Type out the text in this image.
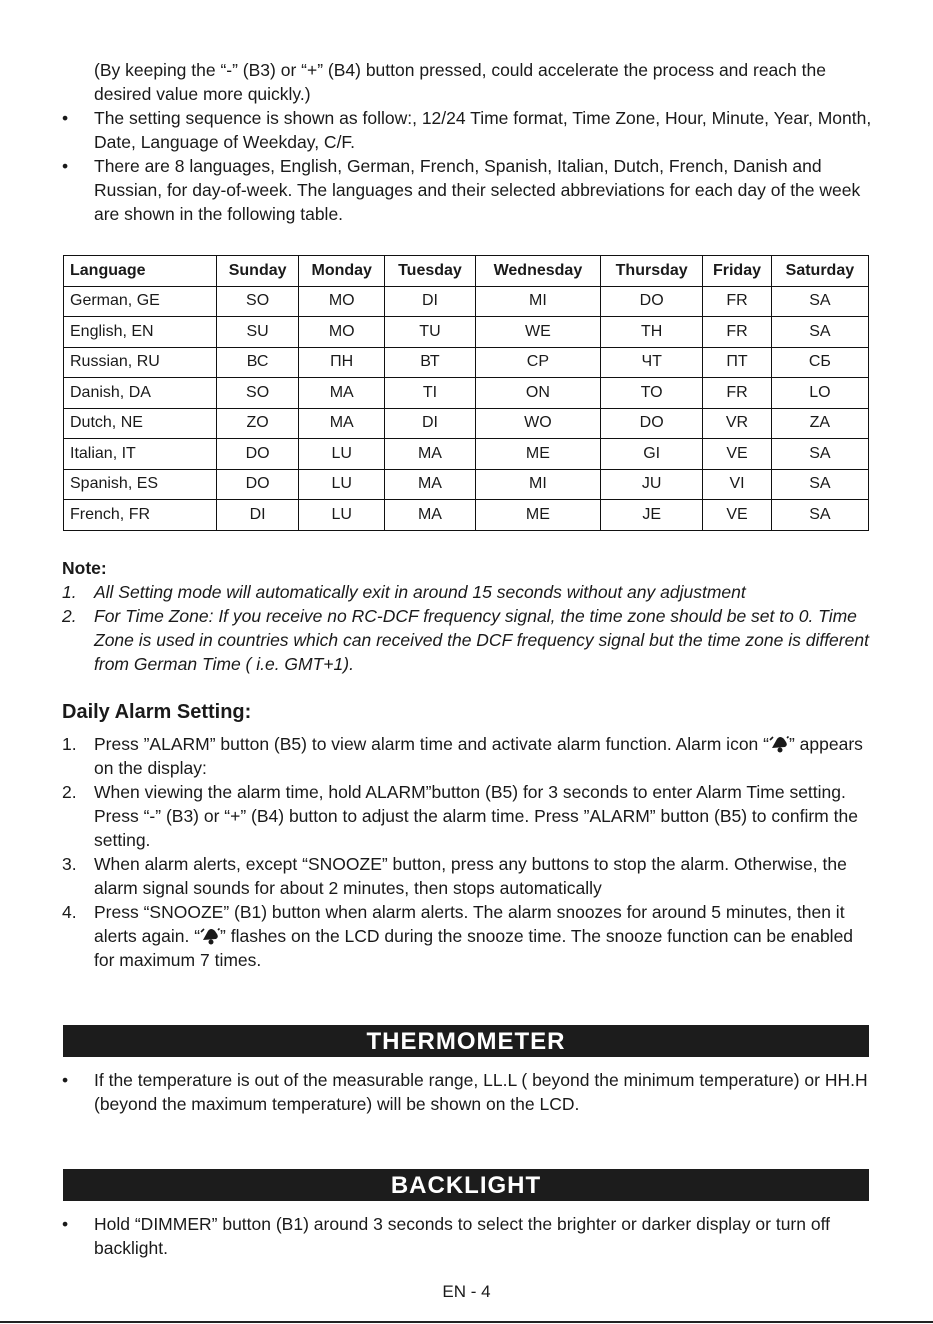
(By keeping the “-” (B3) or “+” (B4) button pressed, could accelerate the process and reach the desired value more quickly.)
•	The setting sequence is shown as follow:, 12/24 Time format, Time Zone, Hour, Minute, Year, Month, Date, Language of Weekday, C/F.
•	There are 8 languages, English, German, French, Spanish, Italian, Dutch, French, Danish and Russian, for day-of-week. The languages and their selected abbreviations for each day of the week are shown in the following table.
Language	Sunday	Monday	Tuesday	Wednesday	Thursday	Friday	Saturday
German, GE	SO	MO	DI	MI	DO	FR	SA
English, EN	SU	MO	TU	WE	TH	FR	SA
Russian, RU	ВС	ПН	ВТ	СР	ЧТ	ПТ	СБ
Danish, DA	SO	MA	TI	ON	TO	FR	LO
Dutch, NE	ZO	MA	DI	WO	DO	VR	ZA
Italian, IT	DO	LU	MA	ME	GI	VE	SA
Spanish, ES	DO	LU	MA	MI	JU	VI	SA
French, FR	DI	LU	MA	ME	JE	VE	SA
Note:
1. All Setting mode will automatically exit in around 15 seconds without any adjustment
2. For Time Zone: If you receive no RC-DCF frequency signal, the time zone should be set to 0. Time Zone is used in countries which can received the DCF frequency signal but the time zone is different from German Time ( i.e. GMT+1).
Daily Alarm Setting:
1. Press ”ALARM” button (B5) to view alarm time and activate alarm function. Alarm icon “ ” appears on the display:
2. When viewing the alarm time, hold ALARM”button (B5) for 3 seconds to enter Alarm Time setting. Press “-” (B3) or “+” (B4) button to adjust the alarm time. Press ”ALARM” button (B5) to confirm the setting.
3. When alarm alerts, except “SNOOZE” button, press any buttons to stop the alarm. Otherwise, the alarm signal sounds for about 2 minutes, then stops automatically
4. Press “SNOOZE” (B1) button when alarm alerts. The alarm snoozes for around 5 minutes, then it alerts again. “ ” flashes on the LCD during the snooze time. The snooze function can be enabled for maximum 7 times.
THERMOMETER
•	If the temperature is out of the measurable range, LL.L ( beyond the minimum temperature) or HH.H (beyond the maximum temperature) will be shown on the LCD.
BACKLIGHT
•	Hold “DIMMER” button (B1) around 3 seconds to select the brighter or darker display or turn off backlight.
EN - 4
